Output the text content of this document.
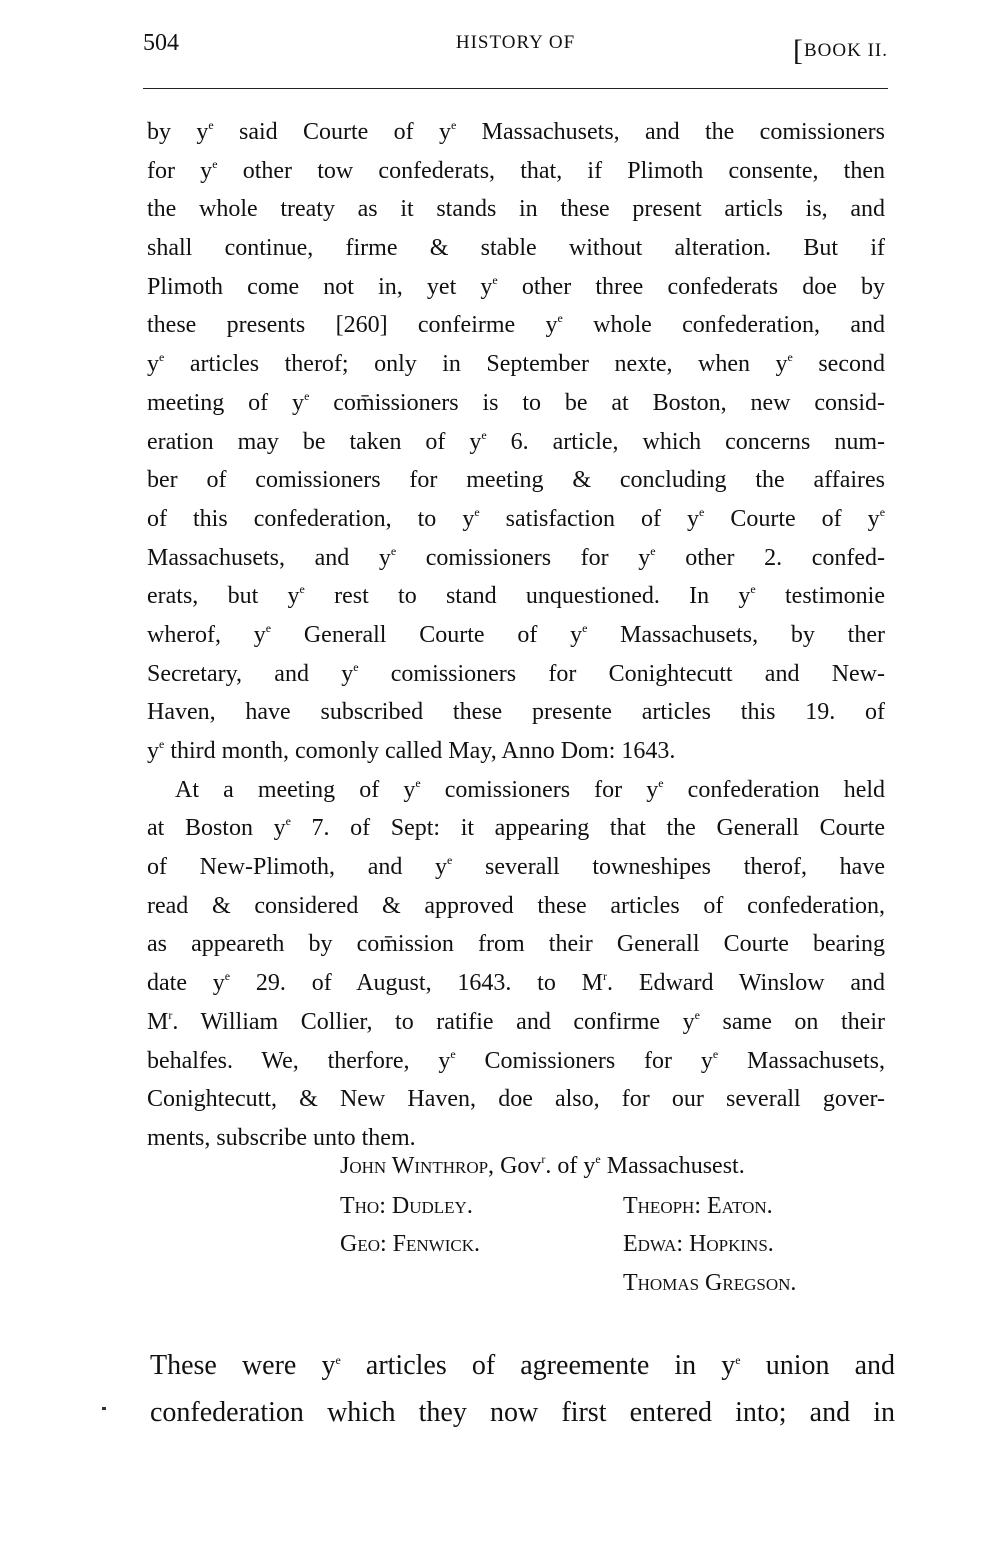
504	HISTORY OF	[BOOK II.
by $y^e$ said Courte of $y^e$ Massachusets, and the comissioners
for $y^e$ other tow confederats, that, if Plimoth consente, then
the whole treaty as it stands in these present articls is, and
shall continue, firme & stable without alteration. But if
Plimoth come not in, yet $y^e$ other three confederats doe by
these presents [260] confeirme $y^e$ whole confederation, and
$y^e$ articles therof; only in September nexte, when $y^e$ second
meeting of $y^e$ com̄issioners is to be at Boston, new consid-
eration may be taken of $y^e$ 6. article, which concerns num-
ber of comissioners for meeting & concluding the affaires
of this confederation, to $y^e$ satisfaction of $y^e$ Courte of $y^e$
Massachusets, and $y^e$ comissioners for $y^e$ other 2. confed-
erats, but $y^e$ rest to stand unquestioned. In $y^e$ testimonie
wherof, $y^e$ Generall Courte of $y^e$ Massachusets, by ther
Secretary, and $y^e$ comissioners for Conightecutt and New-
Haven, have subscribed these presente articles this 19. of
$y^e$ third month, comonly called May, Anno Dom: 1643.
At a meeting of $y^e$ comissioners for $y^e$ confederation held
at Boston $y^e$ 7. of Sept: it appearing that the Generall Courte
of New-Plimoth, and $y^e$ severall towneshipes therof, have
read & considered & approved these articles of confederation,
as appeareth by com̄ission from their Generall Courte bearing
date $y^e$ 29. of August, 1643. to $M^r$. Edward Winslow and
$M^r$. William Collier, to ratifie and confirme $y^e$ same on their
behalfes. We, therfore, $y^e$ Comissioners for $y^e$ Massachusets,
Conightecutt, & New Haven, doe also, for our severall gover-
ments, subscribe unto them.
John Winthrop, Gov$^r$. of $y^e$ Massachusest.
Tho: Dudley.	Theoph: Eaton.
Geo: Fenwick.	Edwa: Hopkins.
Thomas Gregson.
These were $y^e$ articles of agreemente in $y^e$ union and
confederation which they now first entered into; and in
